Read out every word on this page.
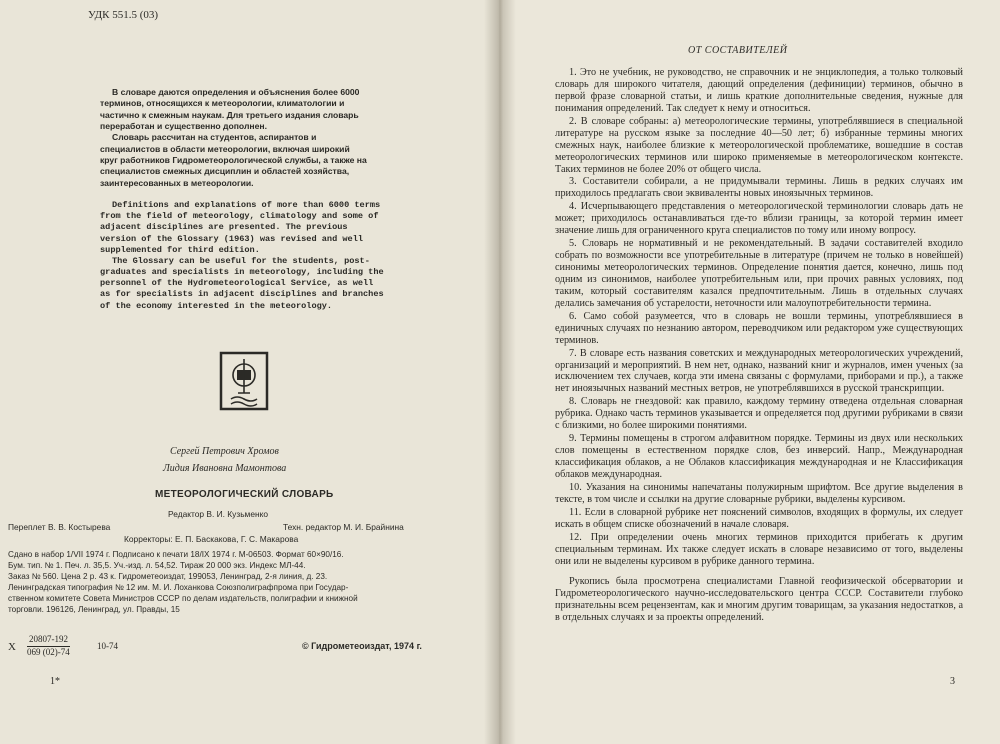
УДК 551.5 (03)

В словаре даются определения и объяснения более 6000 терминов, относящихся к метеорологии, климатологии и частично к смежным наукам. Для третьего издания словарь переработан и существенно дополнен.

Словарь рассчитан на студентов, аспирантов и специалистов в области метеорологии, включая широкий круг работников Гидрометеорологической службы, а также на специалистов смежных дисциплин и областей хозяйства, заинтересованных в метеорологии.

Definitions and explanations of more than 6000 terms from the field of meteorology, climatology and some of adjacent disciplines are presented. The previous version of the Glossary (1963) was revised and well supplemented for third edition.

The Glossary can be useful for the students, post-graduates and specialists in meteorology, including the personnel of the Hydrometeorological Service, as well as for specialists in adjacent disciplines and branches of the economy interested in the meteorology.

Сергей Петрович Хромов
Лидия Ивановна Мамонтова
МЕТЕОРОЛОГИЧЕСКИЙ СЛОВАРЬ
Редактор В. И. Кузьменко
Переплет В. В. Костырева	Техн. редактор М. И. Брайнина
Корректоры: Е. П. Баскакова, Г. С. Макарова
Сдано в набор 1/VII 1974 г. Подписано к печати 18/IX 1974 г. М-06503. Формат 60×90/16.
Бум. тип. № 1. Печ. л. 35,5. Уч.-изд. л. 54,52. Тираж 20 000 экз. Индекс МЛ-44.
Заказ № 560. Цена 2 р. 43 к. Гидрометеоиздат, 199053, Ленинград, 2-я линия, д. 23.
Ленинградская типография № 12 им. М. И. Лоханкова Союзполиграфпрома при Государ-
ственном комитете Совета Министров СССР по делам издательств, полиграфии и книжной
торговли. 196126, Ленинград, ул. Правды, 15
X $\frac{20807-192}{069 (02)-74}$	10-74	© Гидрометеоиздат, 1974 г.
ОТ СОСТАВИТЕЛЕЙ

1. Это не учебник, не руководство, не справочник и не энциклопедия, а только толковый словарь для широкого читателя, дающий определения (дефиниции) терминов, обычно в первой фразе словарной статьи, и лишь краткие дополнительные сведения, нужные для понимания определений. Так следует к нему и относиться.

2. В словаре собраны: а) метеорологические термины, употреблявшиеся в специальной литературе на русском языке за последние 40—50 лет; б) избранные термины многих смежных наук, наиболее близкие к метеорологической проблематике, вошедшие в состав метеорологических терминов или широко применяемые в метеорологическом контексте. Таких терминов не более 20% от общего числа.

3. Составители собирали, а не придумывали термины. Лишь в редких случаях им приходилось предлагать свои эквиваленты новых иноязычных терминов.

4. Исчерпывающего представления о метеорологической терминологии словарь дать не может; приходилось останавливаться где-то вблизи границы, за которой термин имеет значение лишь для ограниченного круга специалистов по тому или иному вопросу.

5. Словарь не нормативный и не рекомендательный. В задачи составителей входило собрать по возможности все употребительные в литературе (причем не только в новейшей) синонимы метеорологических терминов. Определение понятия дается, конечно, лишь под одним из синонимов, наиболее употребительным или, при прочих равных условиях, под таким, который составителям казался предпочтительным. Лишь в отдельных случаях делались замечания об устарелости, неточности или малоупотребительности термина.

6. Само собой разумеется, что в словарь не вошли термины, употреблявшиеся в единичных случаях по незнанию автором, переводчиком или редактором уже существующих терминов.

7. В словаре есть названия советских и международных метеорологических учреждений, организаций и мероприятий. В нем нет, однако, названий книг и журналов, имен ученых (за исключением тех случаев, когда эти имена связаны с формулами, приборами и пр.), а также нет иноязычных названий местных ветров, не употреблявшихся в русской транскрипции.

8. Словарь не гнездовой: как правило, каждому термину отведена отдельная словарная рубрика. Однако часть терминов указывается и определяется под другими рубриками в связи с близкими, но более широкими понятиями.

9. Термины помещены в строгом алфавитном порядке. Термины из двух или нескольких слов помещены в естественном порядке слов, без инверсий. Напр., Международная классификация облаков, а не Облаков классификация международная и не Классификация облаков международная.

10. Указания на синонимы напечатаны полужирным шрифтом. Все другие выделения в тексте, в том числе и ссылки на другие словарные рубрики, выделены курсивом.

11. Если в словарной рубрике нет пояснений символов, входящих в формулы, их следует искать в общем списке обозначений в начале словаря.

12. При определении очень многих терминов приходится прибегать к другим специальным терминам. Их также следует искать в словаре независимо от того, выделены они или не выделены курсивом в рубрике данного термина.

Рукопись была просмотрена специалистами Главной геофизической обсерватории и Гидрометеорологического научно-исследовательского центра СССР. Составители глубоко признательны всем рецензентам, как и многим другим товарищам, за указания недостатков, а в отдельных случаях и за проекты определений.

1*	3
